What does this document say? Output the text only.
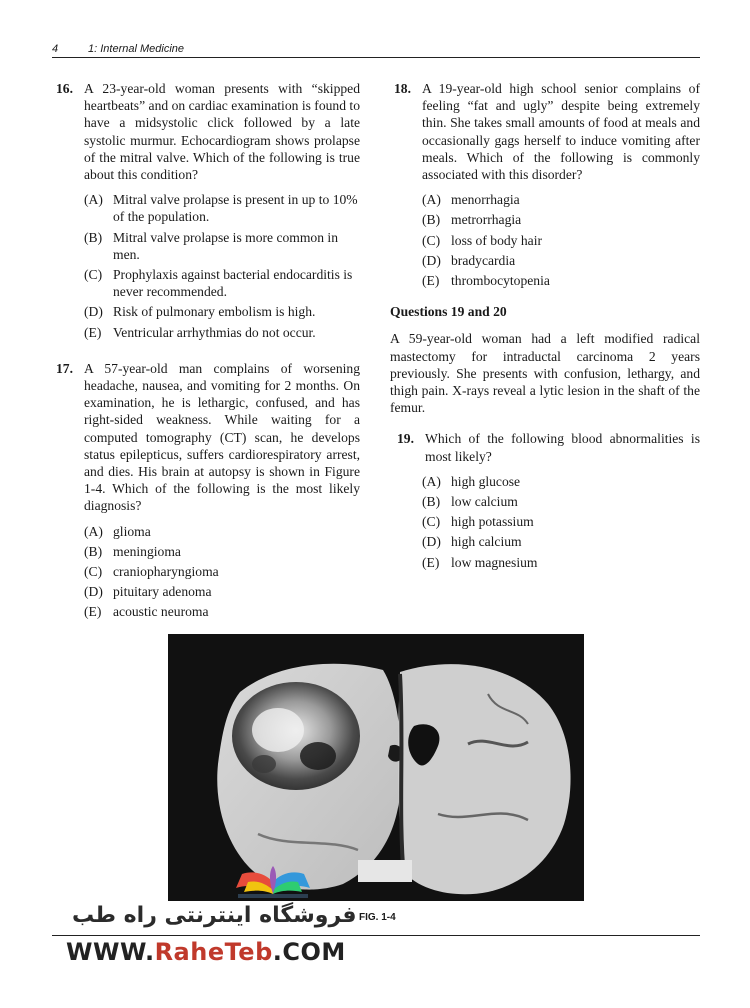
4	1: Internal Medicine
16. A 23-year-old woman presents with “skipped heartbeats” and on cardiac examination is found to have a midsystolic click followed by a late systolic murmur. Echocardiogram shows prolapse of the mitral valve. Which of the following is true about this condition?
(A) Mitral valve prolapse is present in up to 10% of the population.
(B) Mitral valve prolapse is more common in men.
(C) Prophylaxis against bacterial endocarditis is never recommended.
(D) Risk of pulmonary embolism is high.
(E) Ventricular arrhythmias do not occur.
17. A 57-year-old man complains of worsening headache, nausea, and vomiting for 2 months. On examination, he is lethargic, confused, and has right-sided weakness. While waiting for a computed tomography (CT) scan, he develops status epilepticus, suffers cardiorespiratory arrest, and dies. His brain at autopsy is shown in Figure 1-4. Which of the following is the most likely diagnosis?
(A) glioma
(B) meningioma
(C) craniopharyngioma
(D) pituitary adenoma
(E) acoustic neuroma
18. A 19-year-old high school senior complains of feeling “fat and ugly” despite being extremely thin. She takes small amounts of food at meals and occasionally gags herself to induce vomiting after meals. Which of the following is commonly associated with this disorder?
(A) menorrhagia
(B) metrorrhagia
(C) loss of body hair
(D) bradycardia
(E) thrombocytopenia
Questions 19 and 20
A 59-year-old woman had a left modified radical mastectomy for intraductal carcinoma 2 years previously. She presents with confusion, lethargy, and thigh pain. X-rays reveal a lytic lesion in the shaft of the femur.
19. Which of the following blood abnormalities is most likely?
(A) high glucose
(B) low calcium
(C) high potassium
(D) high calcium
(E) low magnesium
FIG. 1-4
فروشگاه اینترنتی راه طب
WWW.RaheTeb.COM
